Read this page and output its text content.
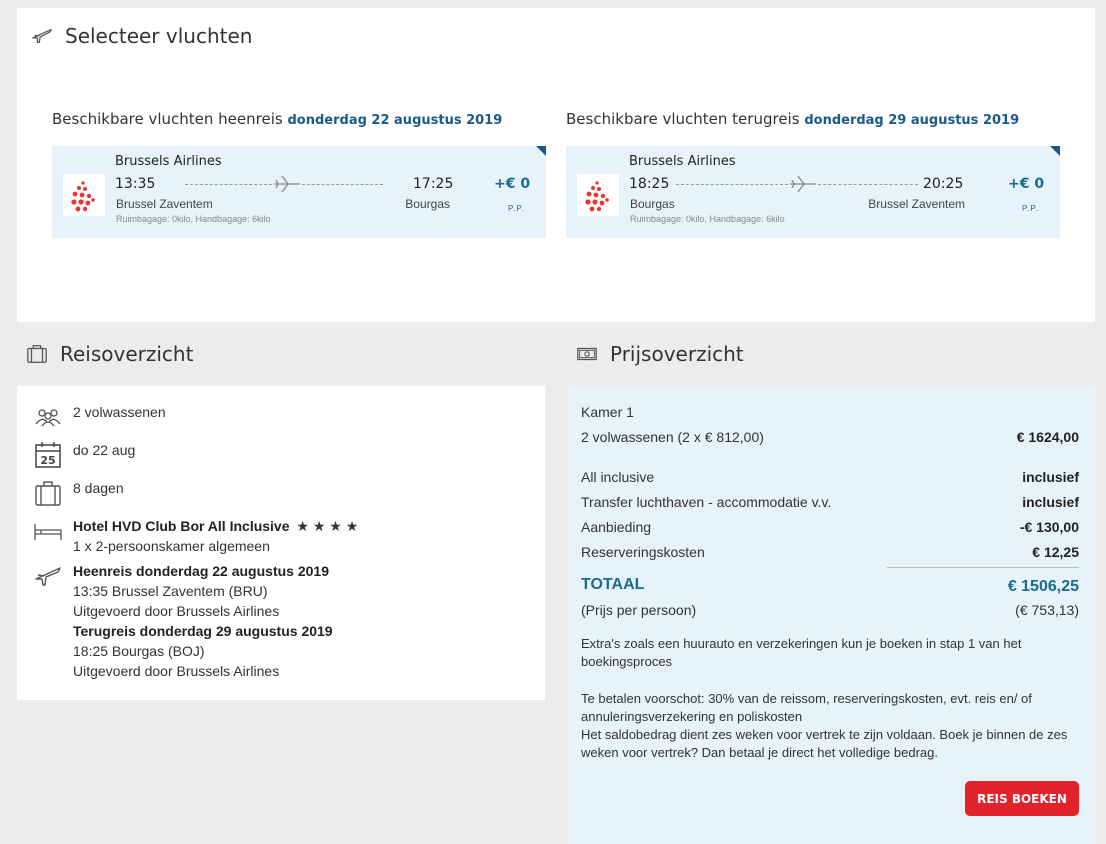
Selecteer vluchten
Beschikbare vluchten heenreis donderdag 22 augustus 2019	Beschikbare vluchten terugreis donderdag 29 augustus 2019
Brussels Airlines
13:35
Brussel Zaventem
17:25
Bourgas
Ruimbagage: 0kilo, Handbagage: 6kilo
+€ 0
P.P.
Brussels Airlines
18:25
Bourgas
20:25
Brussel Zaventem
Ruimbagage: 0kilo, Handbagage: 6kilo
+€ 0
P.P.
Reisoverzicht	Prijsoverzicht
2 volwassenen
25
do 22 aug
8 dagen
Hotel HVD Club Bor All Inclusive ★ ★ ★ ★
1 x 2-persoonskamer algemeen
Heenreis donderdag 22 augustus 2019
13:35 Brussel Zaventem (BRU)
Uitgevoerd door Brussels Airlines
Terugreis donderdag 29 augustus 2019
18:25 Bourgas (BOJ)
Uitgevoerd door Brussels Airlines
Kamer 1
2 volwassenen (2 x € 812,00)	€ 1624,00
All inclusive	inclusief
Transfer luchthaven - accommodatie v.v.	inclusief
Aanbieding	-€ 130,00
Reserveringskosten	€ 12,25
TOTAAL	€ 1506,25
(Prijs per persoon)	(€ 753,13)
Extra's zoals een huurauto en verzekeringen kun je boeken in stap 1 van het boekingsproces
Te betalen voorschot: 30% van de reissom, reserveringskosten, evt. reis en/ of annuleringsverzekering en poliskosten
Het saldobedrag dient zes weken voor vertrek te zijn voldaan. Boek je binnen de zes weken voor vertrek? Dan betaal je direct het volledige bedrag.
REIS BOEKEN
